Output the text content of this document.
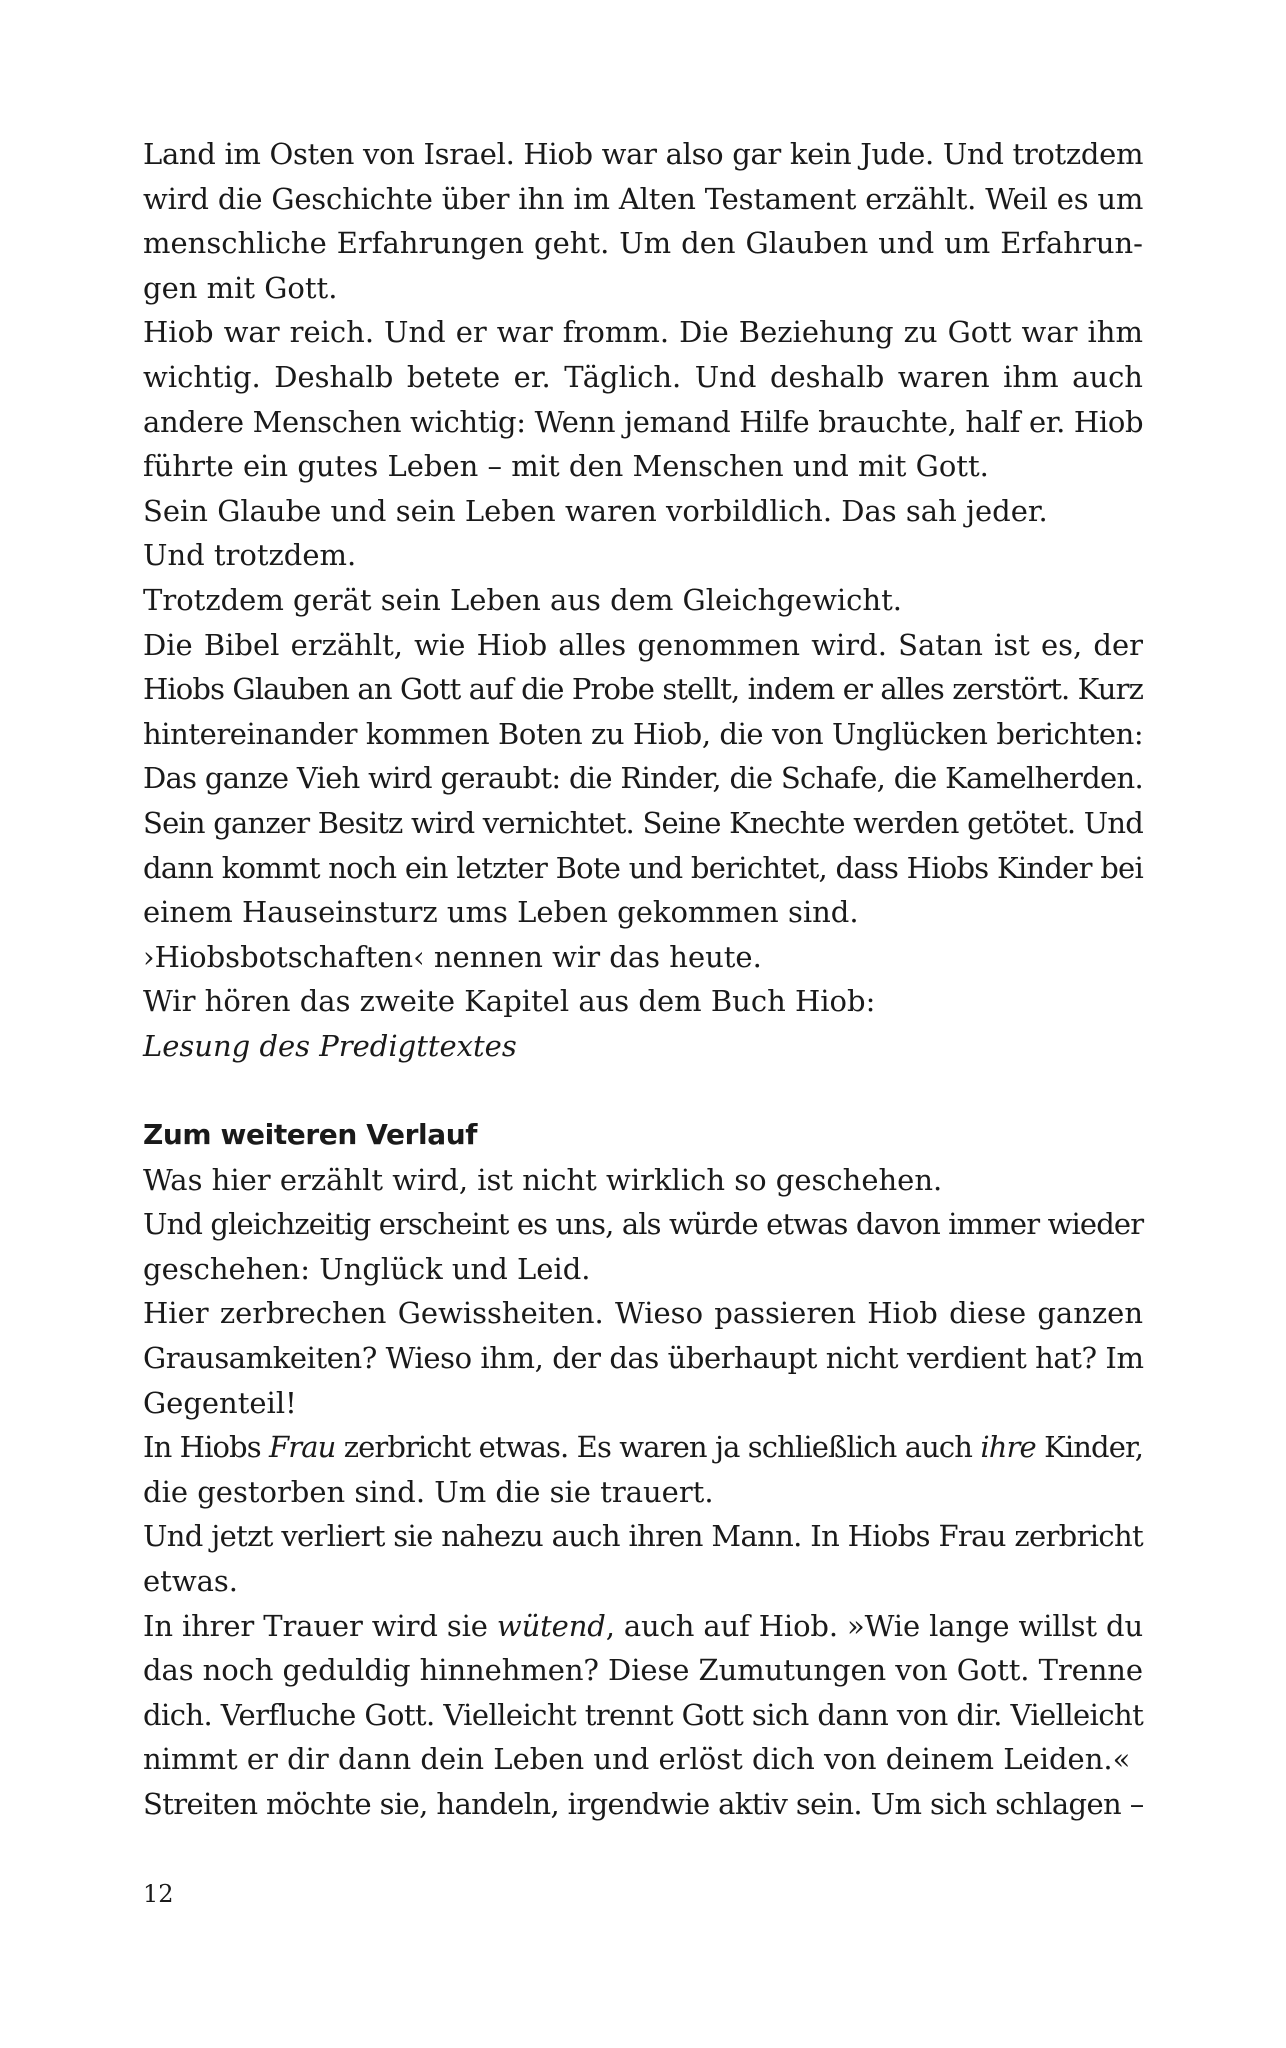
Land im Osten von Israel. Hiob war also gar kein Jude. Und trotzdem
wird die Geschichte über ihn im Alten Testament erzählt. Weil es um
menschliche Erfahrungen geht. Um den Glauben und um Erfahrun-
gen mit Gott.
Hiob war reich. Und er war fromm. Die Beziehung zu Gott war ihm
wichtig. Deshalb betete er. Täglich. Und deshalb waren ihm auch
andere Menschen wichtig: Wenn jemand Hilfe brauchte, half er. Hiob
führte ein gutes Leben – mit den Menschen und mit Gott.
Sein Glaube und sein Leben waren vorbildlich. Das sah jeder.
Und trotzdem.
Trotzdem gerät sein Leben aus dem Gleichgewicht.
Die Bibel erzählt, wie Hiob alles genommen wird. Satan ist es, der
Hiobs Glauben an Gott auf die Probe stellt, indem er alles zerstört. Kurz
hintereinander kommen Boten zu Hiob, die von Unglücken berichten:
Das ganze Vieh wird geraubt: die Rinder, die Schafe, die Kamelherden.
Sein ganzer Besitz wird vernichtet. Seine Knechte werden getötet. Und
dann kommt noch ein letzter Bote und berichtet, dass Hiobs Kinder bei
einem Hauseinsturz ums Leben gekommen sind.
›Hiobsbotschaften‹ nennen wir das heute.
Wir hören das zweite Kapitel aus dem Buch Hiob:
Lesung des Predigttextes
Zum weiteren Verlauf
Was hier erzählt wird, ist nicht wirklich so geschehen.
Und gleichzeitig erscheint es uns, als würde etwas davon immer wieder
geschehen: Unglück und Leid.
Hier zerbrechen Gewissheiten. Wieso passieren Hiob diese ganzen
Grausamkeiten? Wieso ihm, der das überhaupt nicht verdient hat? Im
Gegenteil!
In Hiobs Frau zerbricht etwas. Es waren ja schließlich auch ihre Kinder,
die gestorben sind. Um die sie trauert.
Und jetzt verliert sie nahezu auch ihren Mann. In Hiobs Frau zerbricht
etwas.
In ihrer Trauer wird sie wütend, auch auf Hiob. »Wie lange willst du
das noch geduldig hinnehmen? Diese Zumutungen von Gott. Trenne
dich. Verfluche Gott. Vielleicht trennt Gott sich dann von dir. Vielleicht
nimmt er dir dann dein Leben und erlöst dich von deinem Leiden.«
Streiten möchte sie, handeln, irgendwie aktiv sein. Um sich schlagen –
12
